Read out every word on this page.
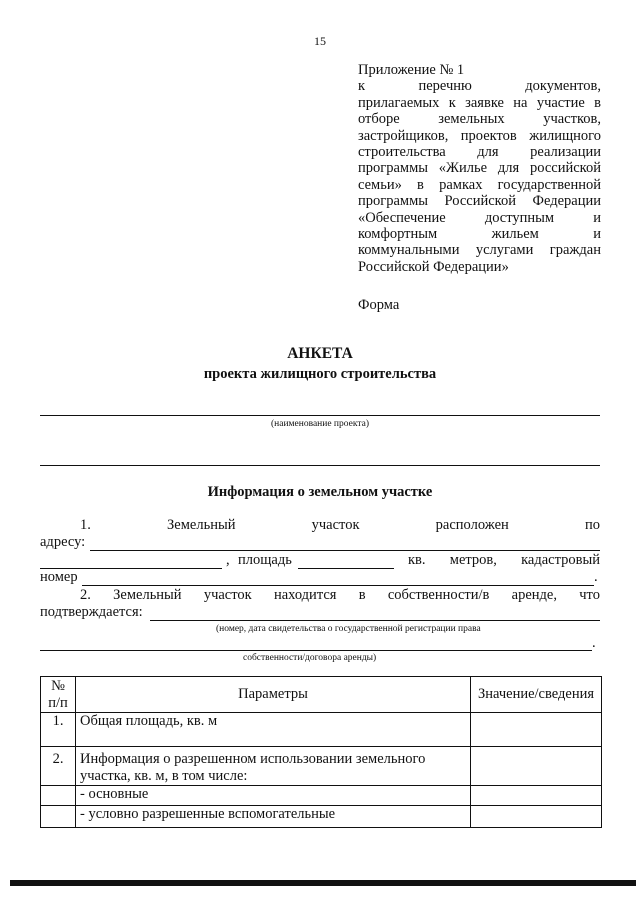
15
Приложение № 1
к	перечню	документов,
прилагаемых к заявке на участие в
отборе	земельных	участков,
застройщиков, проектов жилищного
строительства для реализации
программы «Жилье для российской
семьи» в рамках государственной
программы Российской Федерации
«Обеспечение	доступным	и
комфортным	жильем	и
коммунальными услугами граждан
Российской Федерации»
Форма
АНКЕТА
проекта жилищного строительства
(наименование проекта)
Информация о земельном участке
1.	Земельный	участок	расположен	по
адресу:
, площадь	кв. метров, кадастровый
номер	.
2. Земельный участок находится в собственности/в аренде, что
подтверждается:
(номер, дата свидетельства о государственной регистрации права
.
собственности/договора аренды)
№ п/п	Параметры	Значение/сведения
1.	Общая площадь, кв. м	
2.	Информация о разрешенном использовании земельного участка, кв. м, в том числе:	
	- основные	
	- условно разрешенные вспомогательные	
